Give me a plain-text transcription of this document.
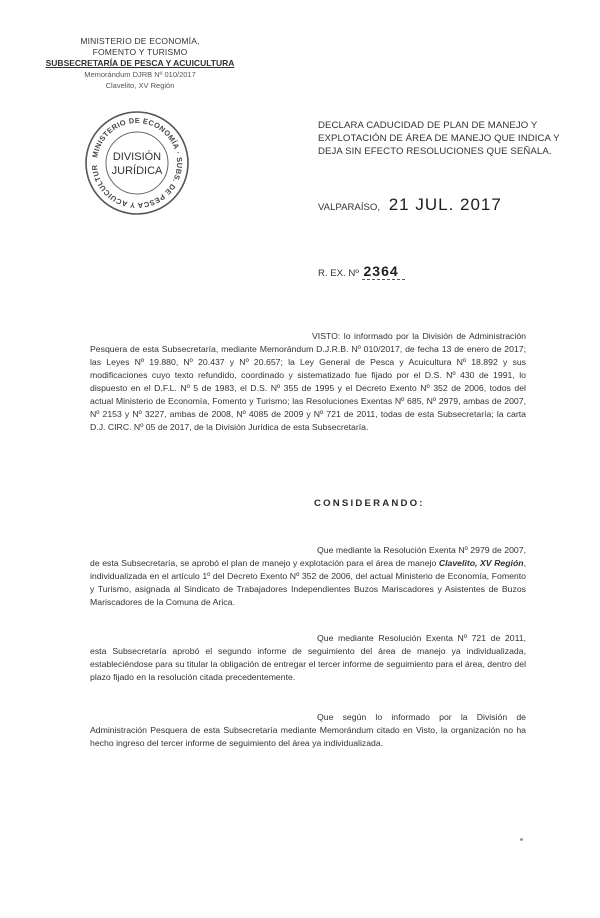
MINISTERIO DE ECONOMÍA,
FOMENTO Y TURISMO
SUBSECRETARÍA DE PESCA Y ACUICULTURA
Memorándum DJRB Nº 010/2017
Clavelito, XV Región
MINISTERIO DE ECONOMÍA · SUBS. DE PESCA Y ACUICULTUR
DIVISIÓN
JURÍDICA
DECLARA CADUCIDAD DE PLAN DE MANEJO Y EXPLOTACIÓN DE ÁREA DE MANEJO QUE INDICA Y DEJA SIN EFECTO RESOLUCIONES QUE SEÑALA.
VALPARAÍSO, 21 JUL. 2017
R. EX. Nº 2364

VISTO: lo informado por la División de Administración Pesquera de esta Subsecretaría, mediante Memorándum D.J.R.B. Nº 010/2017, de fecha 13 de enero de 2017; las Leyes Nº 19.880, Nº 20.437 y Nº 20.657; la Ley General de Pesca y Acuicultura Nº 18.892 y sus modificaciones cuyo texto refundido, coordinado y sistematizado fue fijado por el D.S. Nº 430 de 1991, lo dispuesto en el D.F.L. Nº 5 de 1983, el D.S. Nº 355 de 1995 y el Decreto Exento Nº 352 de 2006, todos del actual Ministerio de Economía, Fomento y Turismo; las Resoluciones Exentas Nº 685, Nº 2979, ambas de 2007, Nº 2153 y Nº 3227, ambas de 2008, Nº 4085 de 2009 y Nº 721 de 2011, todas de esta Subsecretaría; la carta D.J. CIRC. Nº 05 de 2017, de la División Jurídica de esta Subsecretaría.

CONSIDERANDO:

Que mediante la Resolución Exenta Nº 2979 de 2007, de esta Subsecretaría, se aprobó el plan de manejo y explotación para el área de manejo Clavelito, XV Región, individualizada en el artículo 1º del Decreto Exento Nº 352 de 2006, del actual Ministerio de Economía, Fomento y Turismo, asignada al Sindicato de Trabajadores Independientes Buzos Mariscadores y Asistentes de Buzos Mariscadores de la Comuna de Arica.

Que mediante Resolución Exenta Nº 721 de 2011, esta Subsecretaría aprobó el segundo informe de seguimiento del área de manejo ya individualizada, estableciéndose para su titular la obligación de entregar el tercer informe de seguimiento para el área, dentro del plazo fijado en la resolución citada precedentemente.

Que según lo informado por la División de Administración Pesquera de esta Subsecretaría mediante Memorándum citado en Visto, la organización no ha hecho ingreso del tercer informe de seguimiento del área ya individualizada.
